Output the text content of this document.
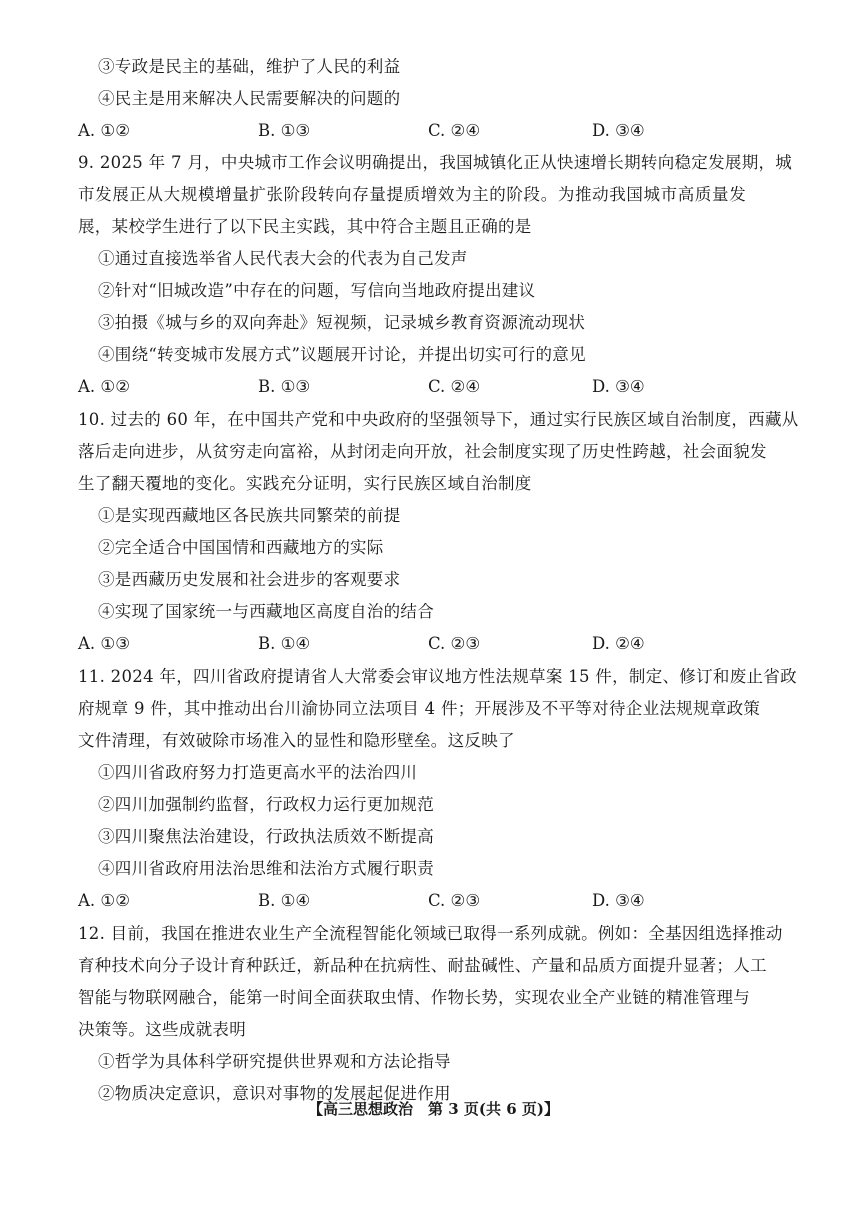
③专政是民主的基础，维护了人民的利益
④民主是用来解决人民需要解决的问题的
A. ①②	B. ①③	C. ②④	D. ③④
9. 2025 年 7 月，中央城市工作会议明确提出，我国城镇化正从快速增长期转向稳定发展期，城
市发展正从大规模增量扩张阶段转向存量提质增效为主的阶段。为推动我国城市高质量发
展，某校学生进行了以下民主实践，其中符合主题且正确的是
①通过直接选举省人民代表大会的代表为自己发声
②针对“旧城改造”中存在的问题，写信向当地政府提出建议
③拍摄《城与乡的双向奔赴》短视频，记录城乡教育资源流动现状
④围绕“转变城市发展方式”议题展开讨论，并提出切实可行的意见
A. ①②	B. ①③	C. ②④	D. ③④
10. 过去的 60 年，在中国共产党和中央政府的坚强领导下，通过实行民族区域自治制度，西藏从
落后走向进步，从贫穷走向富裕，从封闭走向开放，社会制度实现了历史性跨越，社会面貌发
生了翻天覆地的变化。实践充分证明，实行民族区域自治制度
①是实现西藏地区各民族共同繁荣的前提
②完全适合中国国情和西藏地方的实际
③是西藏历史发展和社会进步的客观要求
④实现了国家统一与西藏地区高度自治的结合
A. ①③	B. ①④	C. ②③	D. ②④
11. 2024 年，四川省政府提请省人大常委会审议地方性法规草案 15 件，制定、修订和废止省政
府规章 9 件，其中推动出台川渝协同立法项目 4 件；开展涉及不平等对待企业法规规章政策
文件清理，有效破除市场准入的显性和隐形壁垒。这反映了
①四川省政府努力打造更高水平的法治四川
②四川加强制约监督，行政权力运行更加规范
③四川聚焦法治建设，行政执法质效不断提高
④四川省政府用法治思维和法治方式履行职责
A. ①②	B. ①④	C. ②③	D. ③④
12. 目前，我国在推进农业生产全流程智能化领域已取得一系列成就。例如：全基因组选择推动
育种技术向分子设计育种跃迁，新品种在抗病性、耐盐碱性、产量和品质方面提升显著；人工
智能与物联网融合，能第一时间全面获取虫情、作物长势，实现农业全产业链的精准管理与
决策等。这些成就表明
①哲学为具体科学研究提供世界观和方法论指导
②物质决定意识，意识对事物的发展起促进作用
【高三思想政治　第 3 页(共 6 页)】
